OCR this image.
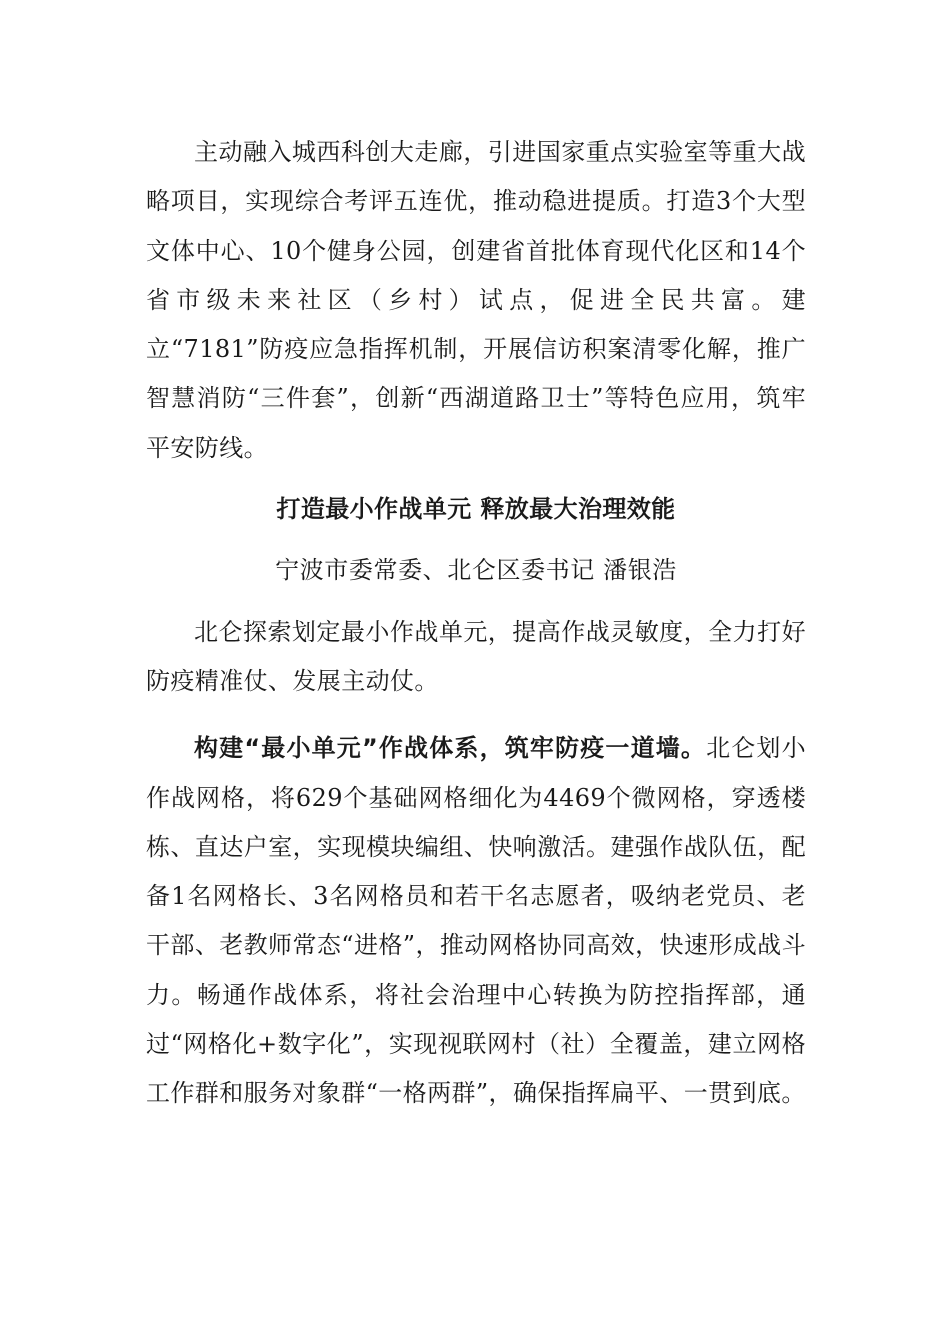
主动融入城西科创大走廊，引进国家重点实验室等重大战略项目，实现综合考评五连优，推动稳进提质。打造3个大型文体中心、10个健身公园，创建省首批体育现代化区和14个省市级未来社区（乡村）试点，促进全民共富。建立“7181”防疫应急指挥机制，开展信访积案清零化解，推广智慧消防“三件套”，创新“西湖道路卫士”等特色应用，筑牢平安防线。

打造最小作战单元 释放最大治理效能

宁波市委常委、北仑区委书记 潘银浩

北仑探索划定最小作战单元，提高作战灵敏度，全力打好防疫精准仗、发展主动仗。

构建“最小单元”作战体系，筑牢防疫一道墙。北仑划小作战网格，将629个基础网格细化为4469个微网格，穿透楼栋、直达户室，实现模块编组、快响激活。建强作战队伍，配备1名网格长、3名网格员和若干名志愿者，吸纳老党员、老干部、老教师常态“进格”，推动网格协同高效，快速形成战斗力。畅通作战体系，将社会治理中心转换为防控指挥部，通过“网格化+数字化”，实现视联网村（社）全覆盖，建立网格工作群和服务对象群“一格两群”，确保指挥扁平、一贯到底。
